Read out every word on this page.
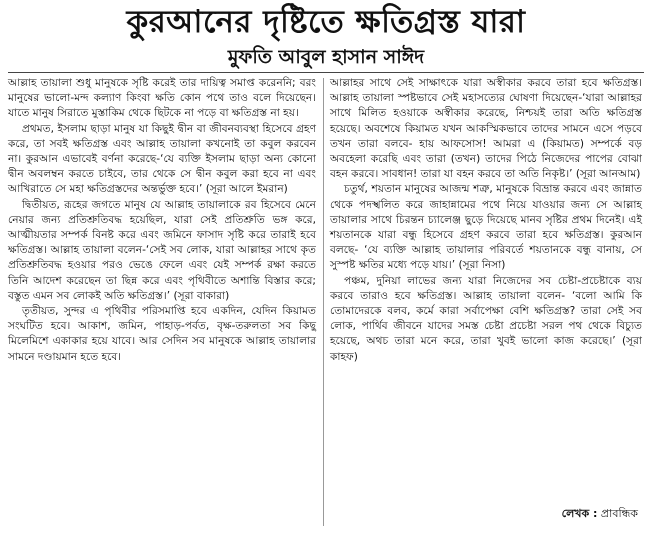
কুরআনের দৃষ্টিতে ক্ষতিগ্রস্ত যারা
মুফতি আবুল হাসান সাঈদ

আল্লাহ তায়ালা শুধু মানুষকে সৃষ্টি করেই তার দায়িত্ব সমাপ্ত করেননি; বরং মানুষের ভালো-মন্দ কল্যাণ কিংবা ক্ষতি কোন পথে তাও বলে দিয়েছেন। যাতে মানুষ সিরাতে মুস্তাকিম থেকে ছিটকে না পড়ে বা ক্ষতিগ্রস্ত না হয়।

প্রথমত, ইসলাম ছাড়া মানুষ যা কিছুই দ্বীন বা জীবনব্যবস্থা হিসেবে গ্রহণ করে, তা সবই ক্ষতিগ্রস্ত এবং আল্লাহ তায়ালা কখনোই তা কবুল করবেন না। কুরআন এভাবেই বর্ণনা করেছে-‘যে ব্যক্তি ইসলাম ছাড়া অন্য কোনো দ্বীন অবলম্বন করতে চাইবে, তার থেকে সে দ্বীন কবুল করা হবে না এবং আখিরাতে সে মহা ক্ষতিগ্রস্তদের অন্তর্ভুক্ত হবে।’ (সূরা আলে ইমরান)

দ্বিতীয়ত, রূহের জগতে মানুষ যে আল্লাহ তায়ালাকে রব হিসেবে মেনে নেয়ার জন্য প্রতিশ্রুতিবদ্ধ হয়েছিল, যারা সেই প্রতিশ্রুতি ভঙ্গ করে, আত্মীয়তার সম্পর্ক বিনষ্ট করে এবং জমিনে ফাসাদ সৃষ্টি করে তারাই হবে ক্ষতিগ্রস্ত। আল্লাহ তায়ালা বলেন-‘সেই সব লোক, যারা আল্লাহর সাথে কৃত প্রতিশ্রুতিবদ্ধ হওয়ার পরও ভেঙে ফেলে এবং যেই সম্পর্ক রক্ষা করতে তিনি আদেশ করেছেন তা ছিন্ন করে এবং পৃথিবীতে অশান্তি বিস্তার করে; বস্তুত এমন সব লোকই অতি ক্ষতিগ্রস্ত।’ (সূরা বাকারা)

তৃতীয়ত, সুন্দর এ পৃথিবীর পরিসমাপ্তি হবে একদিন, যেদিন কিয়ামত সংঘটিত হবে। আকাশ, জমিন, পাহাড়-পর্বত, বৃক্ষ-তরুলতা সব কিছু মিলেমিশে একাকার হয়ে যাবে। আর সেদিন সব মানুষকে আল্লাহ তায়ালার সামনে দণ্ডায়মান হতে হবে।

আল্লাহর সাথে সেই সাক্ষাৎকে যারা অস্বীকার করবে তারা হবে ক্ষতিগ্রস্ত। আল্লাহ তায়ালা স্পষ্টভাবে সেই মহাসত্যের ঘোষণা দিয়েছেন-‘যারা আল্লাহর সাথে মিলিত হওয়াকে অস্বীকার করেছে, নিশ্চয়ই তারা অতি ক্ষতিগ্রস্ত হয়েছে। অবশেষে কিয়ামত যখন আকস্মিকভাবে তাদের সামনে এসে পড়বে তখন তারা বলবে- হায় আফসোস! আমরা এ (কিয়ামত) সম্পর্কে বড় অবহেলা করেছি এবং তারা (তখন) তাদের পিঠে নিজেদের পাপের বোঝা বহন করবে। সাবধান! তারা যা বহন করবে তা অতি নিকৃষ্ট।’ (সূরা আনআম)

চতুর্থ, শয়তান মানুষের আজন্ম শত্রু, মানুষকে বিভ্রান্ত করবে এবং জান্নাত থেকে পদস্খলিত করে জাহান্নামের পথে নিয়ে যাওয়ার জন্য সে আল্লাহ তায়ালার সাথে চিরন্তন চ্যালেঞ্জ ছুড়ে দিয়েছে মানব সৃষ্টির প্রথম দিনেই। এই শয়তানকে যারা বন্ধু হিসেবে গ্রহণ করবে তারা হবে ক্ষতিগ্রস্ত। কুরআন বলছে- ‘যে ব্যক্তি আল্লাহ তায়ালার পরিবর্তে শয়তানকে বন্ধু বানায়, সে সুস্পষ্ট ক্ষতির মধ্যে পড়ে যায়।’ (সূরা নিসা)

পঞ্চম, দুনিয়া লাভের জন্য যারা নিজেদের সব চেষ্টা-প্রচেষ্টাকে ব্যয় করবে তারাও হবে ক্ষতিগ্রস্ত। আল্লাহ তায়ালা বলেন- ‘বলো আমি কি তোমাদেরকে বলব, কর্মে কারা সর্বাপেক্ষা বেশি ক্ষতিগ্রস্ত? তারা সেই সব লোক, পার্থিব জীবনে যাদের সমস্ত চেষ্টা প্রচেষ্টা সরল পথ থেকে বিচ্যুত হয়েছে, অথচ তারা মনে করে, তারা খুবই ভালো কাজ করেছে।’ (সূরা কাহফ)

লেখক : প্রাবন্ধিক
